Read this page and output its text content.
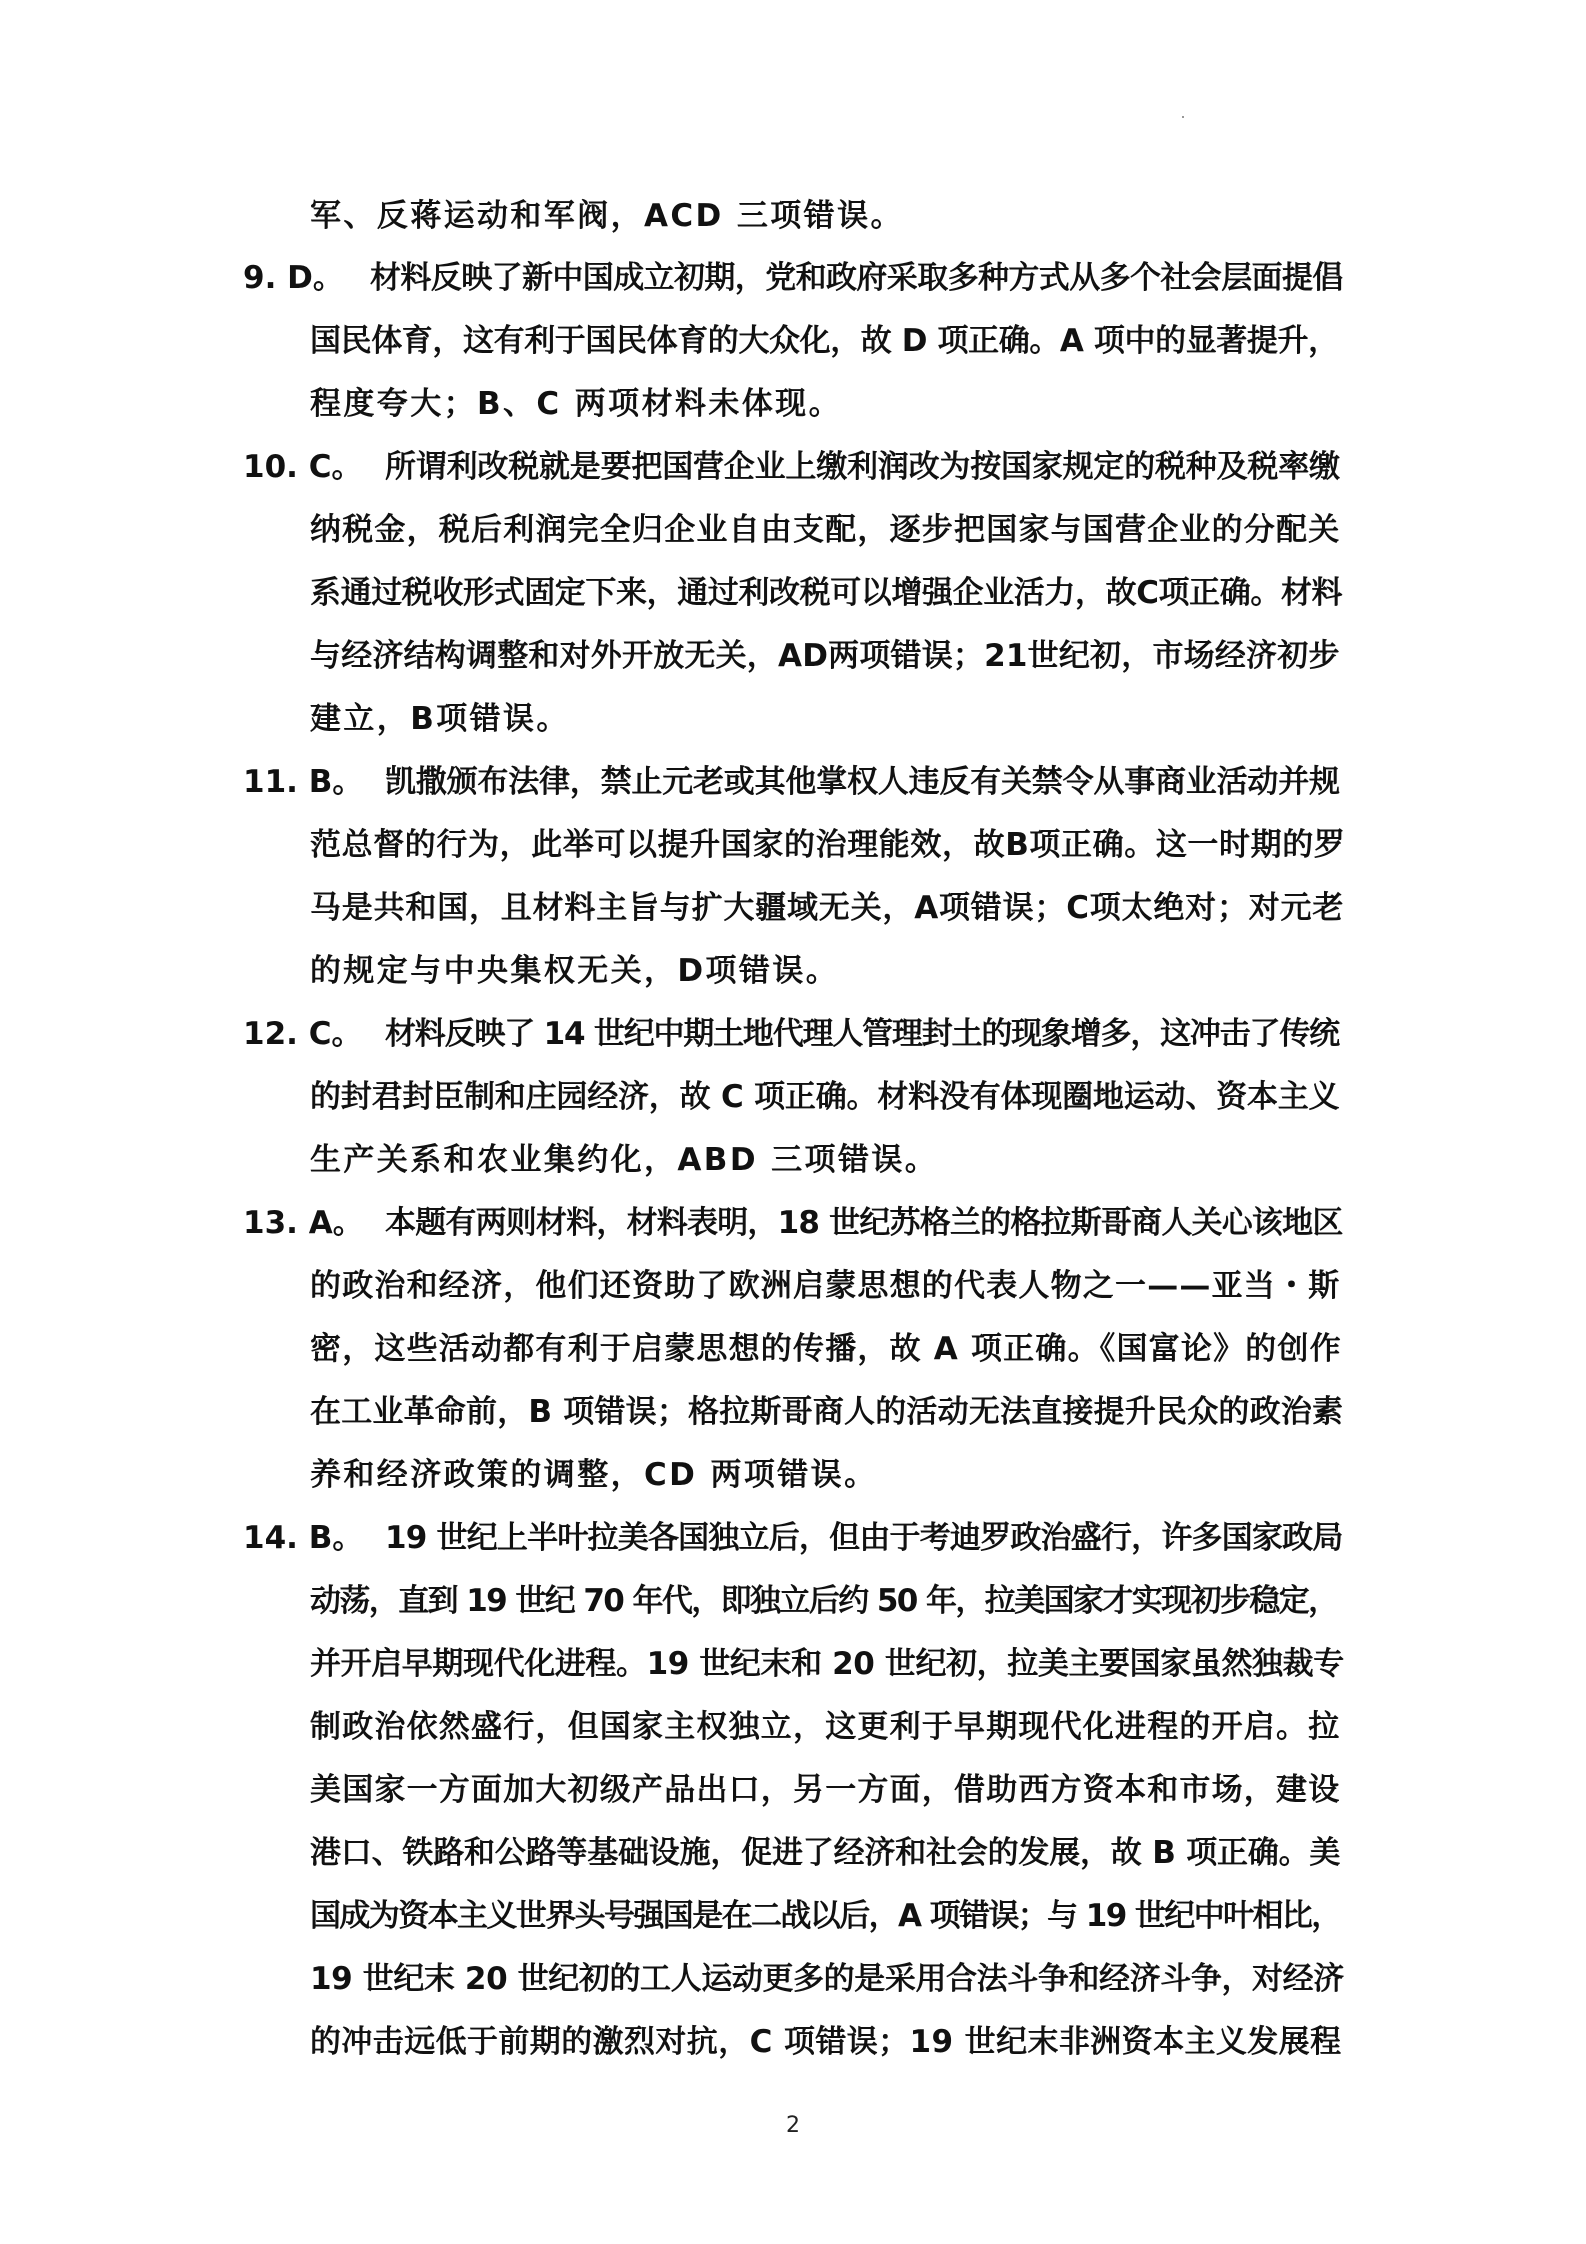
军、反蒋运动和军阀，ACD 三项错误。
9. D。 材料反映了新中国成立初期，党和政府采取多种方式从多个社会层面提倡
国民体育，这有利于国民体育的大众化，故 D 项正确。A 项中的显著提升，
程度夸大；B、C 两项材料未体现。
10. C。 所谓利改税就是要把国营企业上缴利润改为按国家规定的税种及税率缴
纳税金，税后利润完全归企业自由支配，逐步把国家与国营企业的分配关
系通过税收形式固定下来，通过利改税可以增强企业活力，故C项正确。材料
与经济结构调整和对外开放无关，AD两项错误；21世纪初，市场经济初步
建立，B项错误。
11. B。 凯撒颁布法律，禁止元老或其他掌权人违反有关禁令从事商业活动并规
范总督的行为，此举可以提升国家的治理能效，故B项正确。这一时期的罗
马是共和国，且材料主旨与扩大疆域无关，A项错误；C项太绝对；对元老
的规定与中央集权无关，D项错误。
12. C。 材料反映了 14 世纪中期土地代理人管理封土的现象增多，这冲击了传统
的封君封臣制和庄园经济，故 C 项正确。材料没有体现圈地运动、资本主义
生产关系和农业集约化，ABD 三项错误。
13. A。 本题有两则材料，材料表明，18 世纪苏格兰的格拉斯哥商人关心该地区
的政治和经济，他们还资助了欧洲启蒙思想的代表人物之一——亚当・斯
密，这些活动都有利于启蒙思想的传播，故 A 项正确。《国富论》的创作
在工业革命前，B 项错误；格拉斯哥商人的活动无法直接提升民众的政治素
养和经济政策的调整，CD 两项错误。
14. B。 19 世纪上半叶拉美各国独立后，但由于考迪罗政治盛行，许多国家政局
动荡，直到 19 世纪 70 年代，即独立后约 50 年，拉美国家才实现初步稳定，
并开启早期现代化进程。19 世纪末和 20 世纪初，拉美主要国家虽然独裁专
制政治依然盛行，但国家主权独立，这更利于早期现代化进程的开启。拉
美国家一方面加大初级产品出口，另一方面，借助西方资本和市场，建设
港口、铁路和公路等基础设施，促进了经济和社会的发展，故 B 项正确。美
国成为资本主义世界头号强国是在二战以后，A 项错误；与 19 世纪中叶相比，
19 世纪末 20 世纪初的工人运动更多的是采用合法斗争和经济斗争，对经济
的冲击远低于前期的激烈对抗，C 项错误；19 世纪末非洲资本主义发展程
2
